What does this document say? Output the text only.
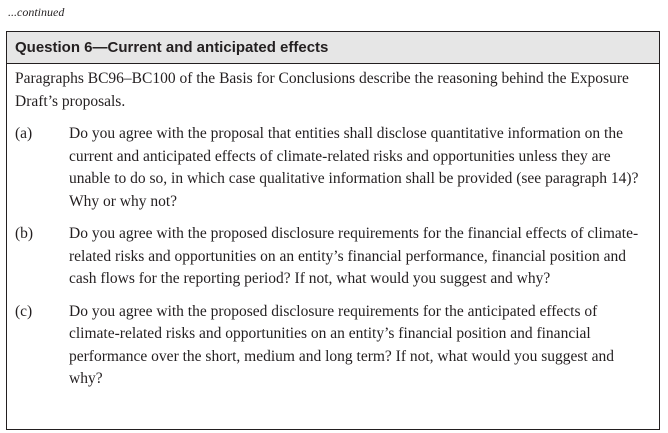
...continued
Question 6—Current and anticipated effects

Paragraphs BC96–BC100 of the Basis for Conclusions describe the reasoning behind the Exposure Draft’s proposals.

(a)	Do you agree with the proposal that entities shall disclose quantitative information on the current and anticipated effects of climate-related risks and opportunities unless they are unable to do so, in which case qualitative information shall be provided (see paragraph 14)? Why or why not?
(b)	Do you agree with the proposed disclosure requirements for the financial effects of climate-related risks and opportunities on an entity’s financial performance, financial position and cash flows for the reporting period? If not, what would you suggest and why?
(c)	Do you agree with the proposed disclosure requirements for the anticipated effects of climate-related risks and opportunities on an entity’s financial position and financial performance over the short, medium and long term? If not, what would you suggest and why?
